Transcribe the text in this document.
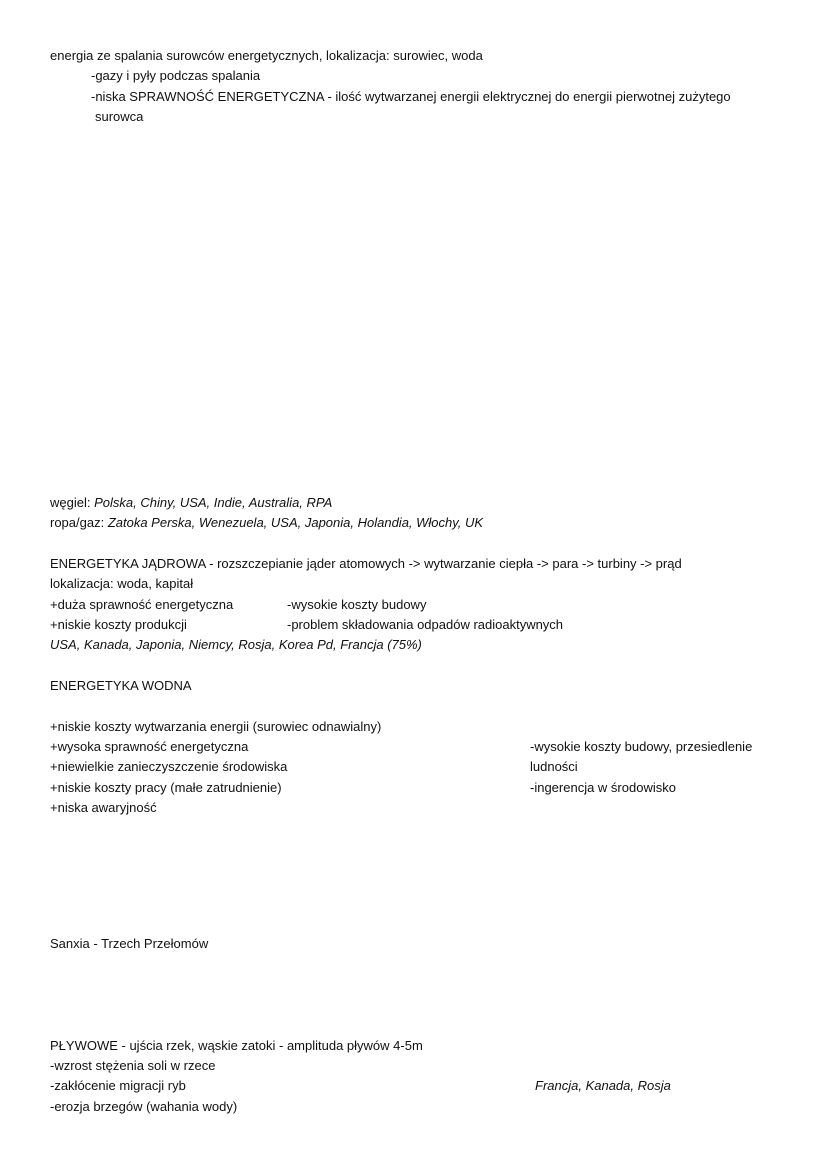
energia ze spalania surowców energetycznych, lokalizacja: surowiec, woda
-gazy i pyły podczas spalania
-niska SPRAWNOŚĆ ENERGETYCZNA - ilość wytwarzanej energii elektrycznej do energii pierwotnej zużytego
surowca
węgiel: Polska, Chiny, USA, Indie, Australia, RPA
ropa/gaz: Zatoka Perska, Wenezuela, USA, Japonia, Holandia, Włochy, UK
ENERGETYKA JĄDROWA - rozszczepianie jąder atomowych -> wytwarzanie ciepła -> para -> turbiny -> prąd
lokalizacja: woda, kapitał
+duża sprawność energetyczna	-wysokie koszty budowy
+niskie koszty produkcji	-problem składowania odpadów radioaktywnych
USA, Kanada, Japonia, Niemcy, Rosja, Korea Pd, Francja (75%)
ENERGETYKA WODNA
+niskie koszty wytwarzania energii (surowiec odnawialny)
+wysoka sprawność energetyczna
+niewielkie zanieczyszczenie środowiska
+niskie koszty pracy (małe zatrudnienie)
+niska awaryjność
-wysokie koszty budowy, przesiedlenie
ludności
-ingerencja w środowisko
Sanxia - Trzech Przełomów
PŁYWOWE - ujścia rzek, wąskie zatoki - amplituda pływów 4-5m
-wzrost stężenia soli w rzece
-zakłócenie migracji ryb
-erozja brzegów (wahania wody)
Francja, Kanada, Rosja
